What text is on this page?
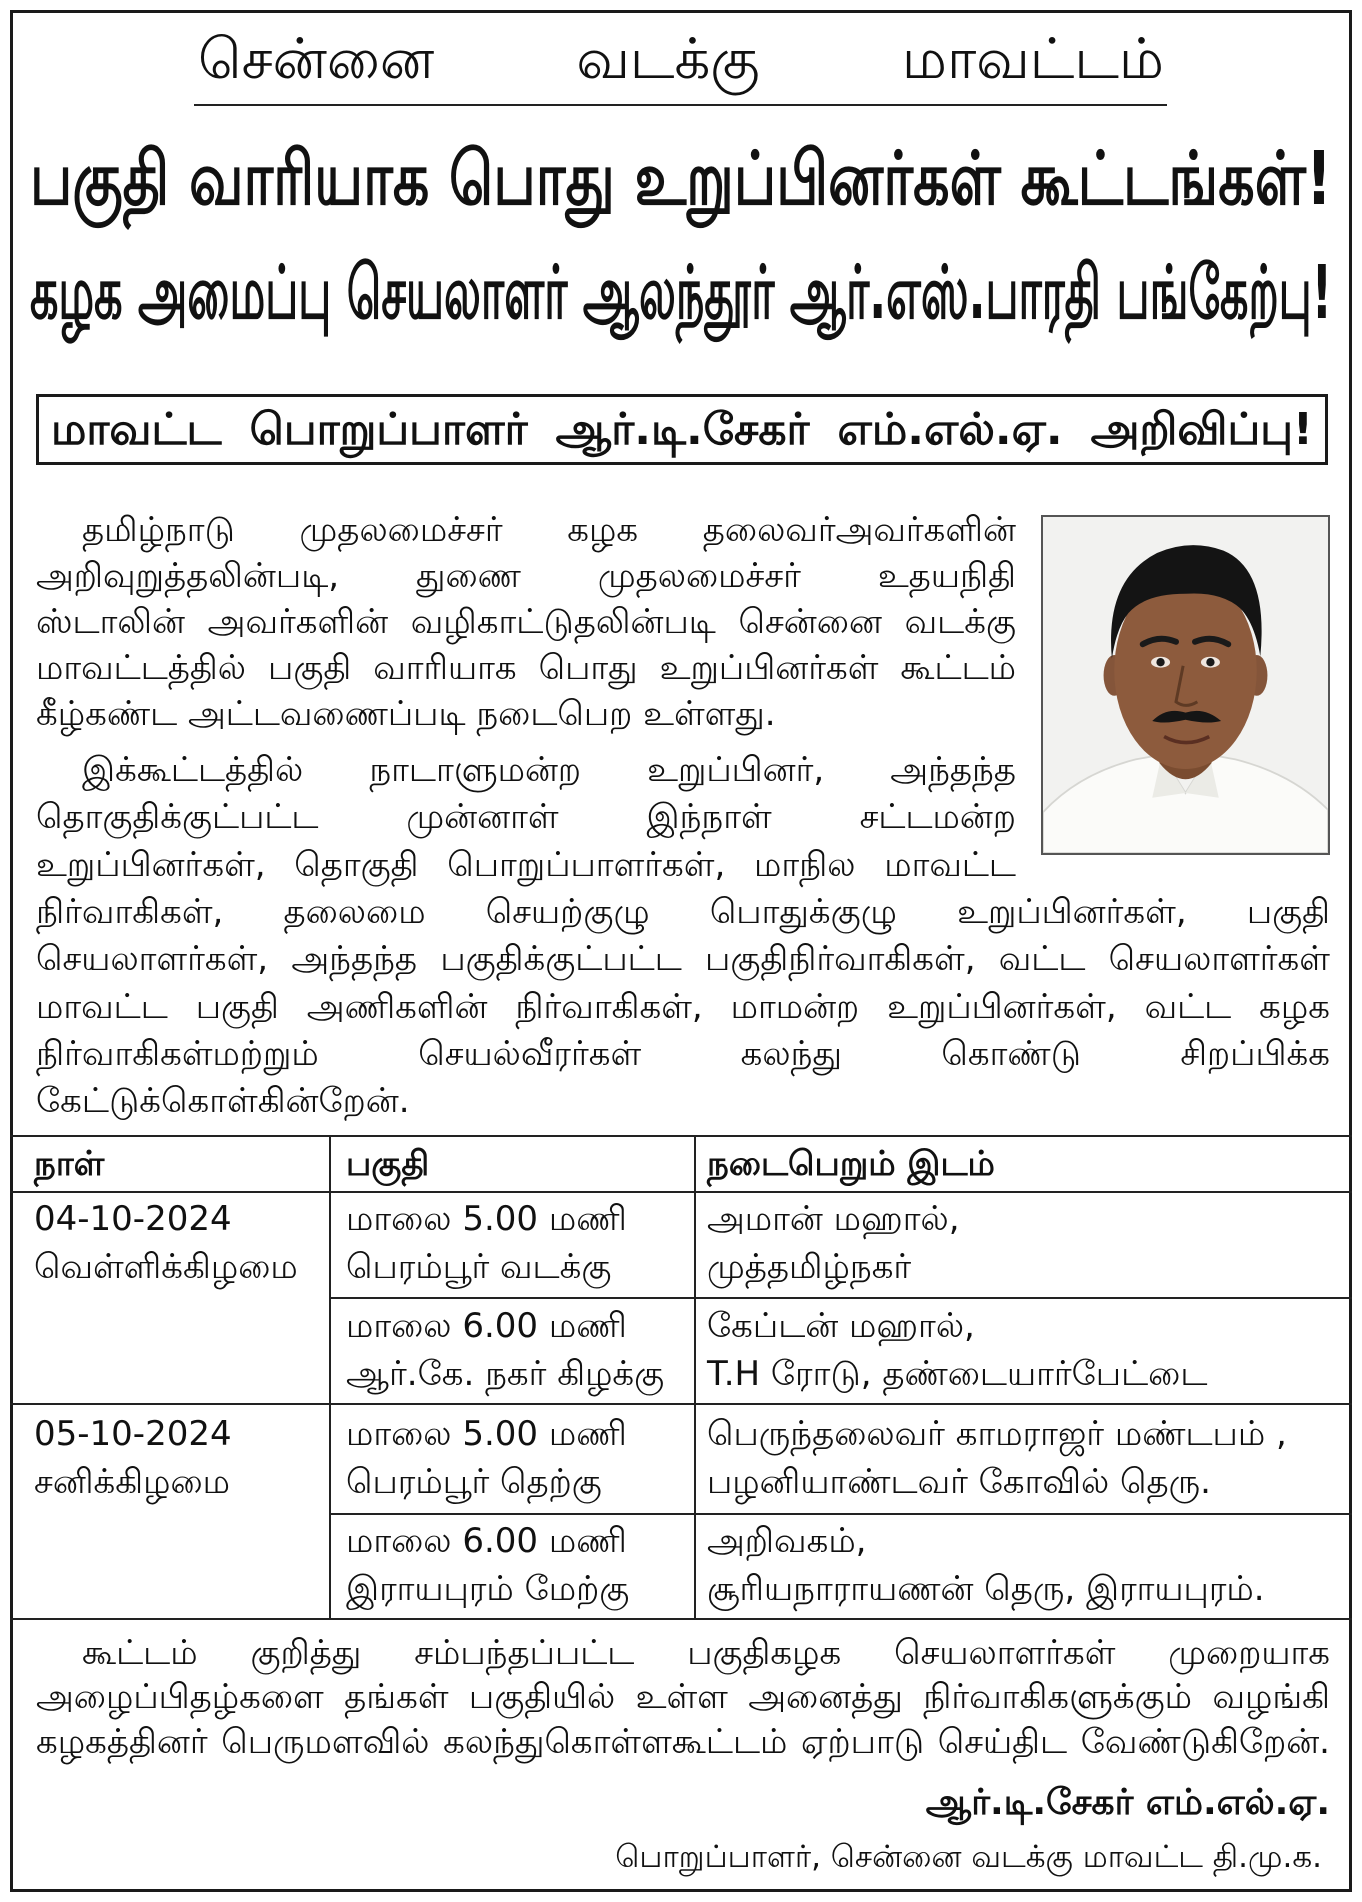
சென்னை வடக்கு மாவட்டம்
பகுதி வாரியாக பொது உறுப்பினர்கள் கூட்டங்கள்!
கழக அமைப்பு செயலாளர் ஆலந்தூர் ஆர்.எஸ்.பாரதி பங்கேற்பு!
மாவட்ட பொறுப்பாளர் ஆர்.டி.சேகர் எம்.எல்.ஏ. அறிவிப்பு!
தமிழ்நாடு முதலமைச்சர் கழக தலைவர்அவர்களின்
அறிவுறுத்தலின்படி, துணை முதலமைச்சர் உதயநிதி
ஸ்டாலின் அவர்களின் வழிகாட்டுதலின்படி சென்னை வடக்கு
மாவட்டத்தில் பகுதி வாரியாக பொது உறுப்பினர்கள் கூட்டம்
கீழ்கண்ட அட்டவணைப்படி நடைபெற உள்ளது.
இக்கூட்டத்தில் நாடாளுமன்ற உறுப்பினர், அந்தந்த
தொகுதிக்குட்பட்ட முன்னாள் இந்நாள் சட்டமன்ற
உறுப்பினர்கள், தொகுதி பொறுப்பாளர்கள், மாநில மாவட்ட
நிர்வாகிகள், தலைமை செயற்குழு பொதுக்குழு உறுப்பினர்கள், பகுதி
செயலாளர்கள், அந்தந்த பகுதிக்குட்பட்ட பகுதிநிர்வாகிகள், வட்ட செயலாளர்கள்
மாவட்ட பகுதி அணிகளின் நிர்வாகிகள், மாமன்ற உறுப்பினர்கள், வட்ட கழக
நிர்வாகிகள்மற்றும் செயல்வீரர்கள் கலந்து கொண்டு சிறப்பிக்க
கேட்டுக்கொள்கின்றேன்.
நாள்	பகுதி	நடைபெறும் இடம்
04-10-2024
வெள்ளிக்கிழமை
மாலை 5.00 மணி
பெரம்பூர் வடக்கு
அமான் மஹால்,
முத்தமிழ்நகர்
மாலை 6.00 மணி
ஆர்.கே. நகர் கிழக்கு
கேப்டன் மஹால்,
T.H ரோடு, தண்டையார்பேட்டை
05-10-2024
சனிக்கிழமை
மாலை 5.00 மணி
பெரம்பூர் தெற்கு
பெருந்தலைவர் காமராஜர் மண்டபம் ,
பழனியாண்டவர் கோவில் தெரு.
மாலை 6.00 மணி
இராயபுரம் மேற்கு
அறிவகம்,
சூரியநாராயணன் தெரு, இராயபுரம்.
கூட்டம் குறித்து சம்பந்தப்பட்ட பகுதிகழக செயலாளர்கள் முறையாக
அழைப்பிதழ்களை தங்கள் பகுதியில் உள்ள அனைத்து நிர்வாகிகளுக்கும் வழங்கி
கழகத்தினர் பெருமளவில் கலந்துகொள்ளகூட்டம் ஏற்பாடு செய்திட வேண்டுகிறேன்.
ஆர்.டி.சேகர் எம்.எல்.ஏ.
பொறுப்பாளர், சென்னை வடக்கு மாவட்ட தி.மு.க.
